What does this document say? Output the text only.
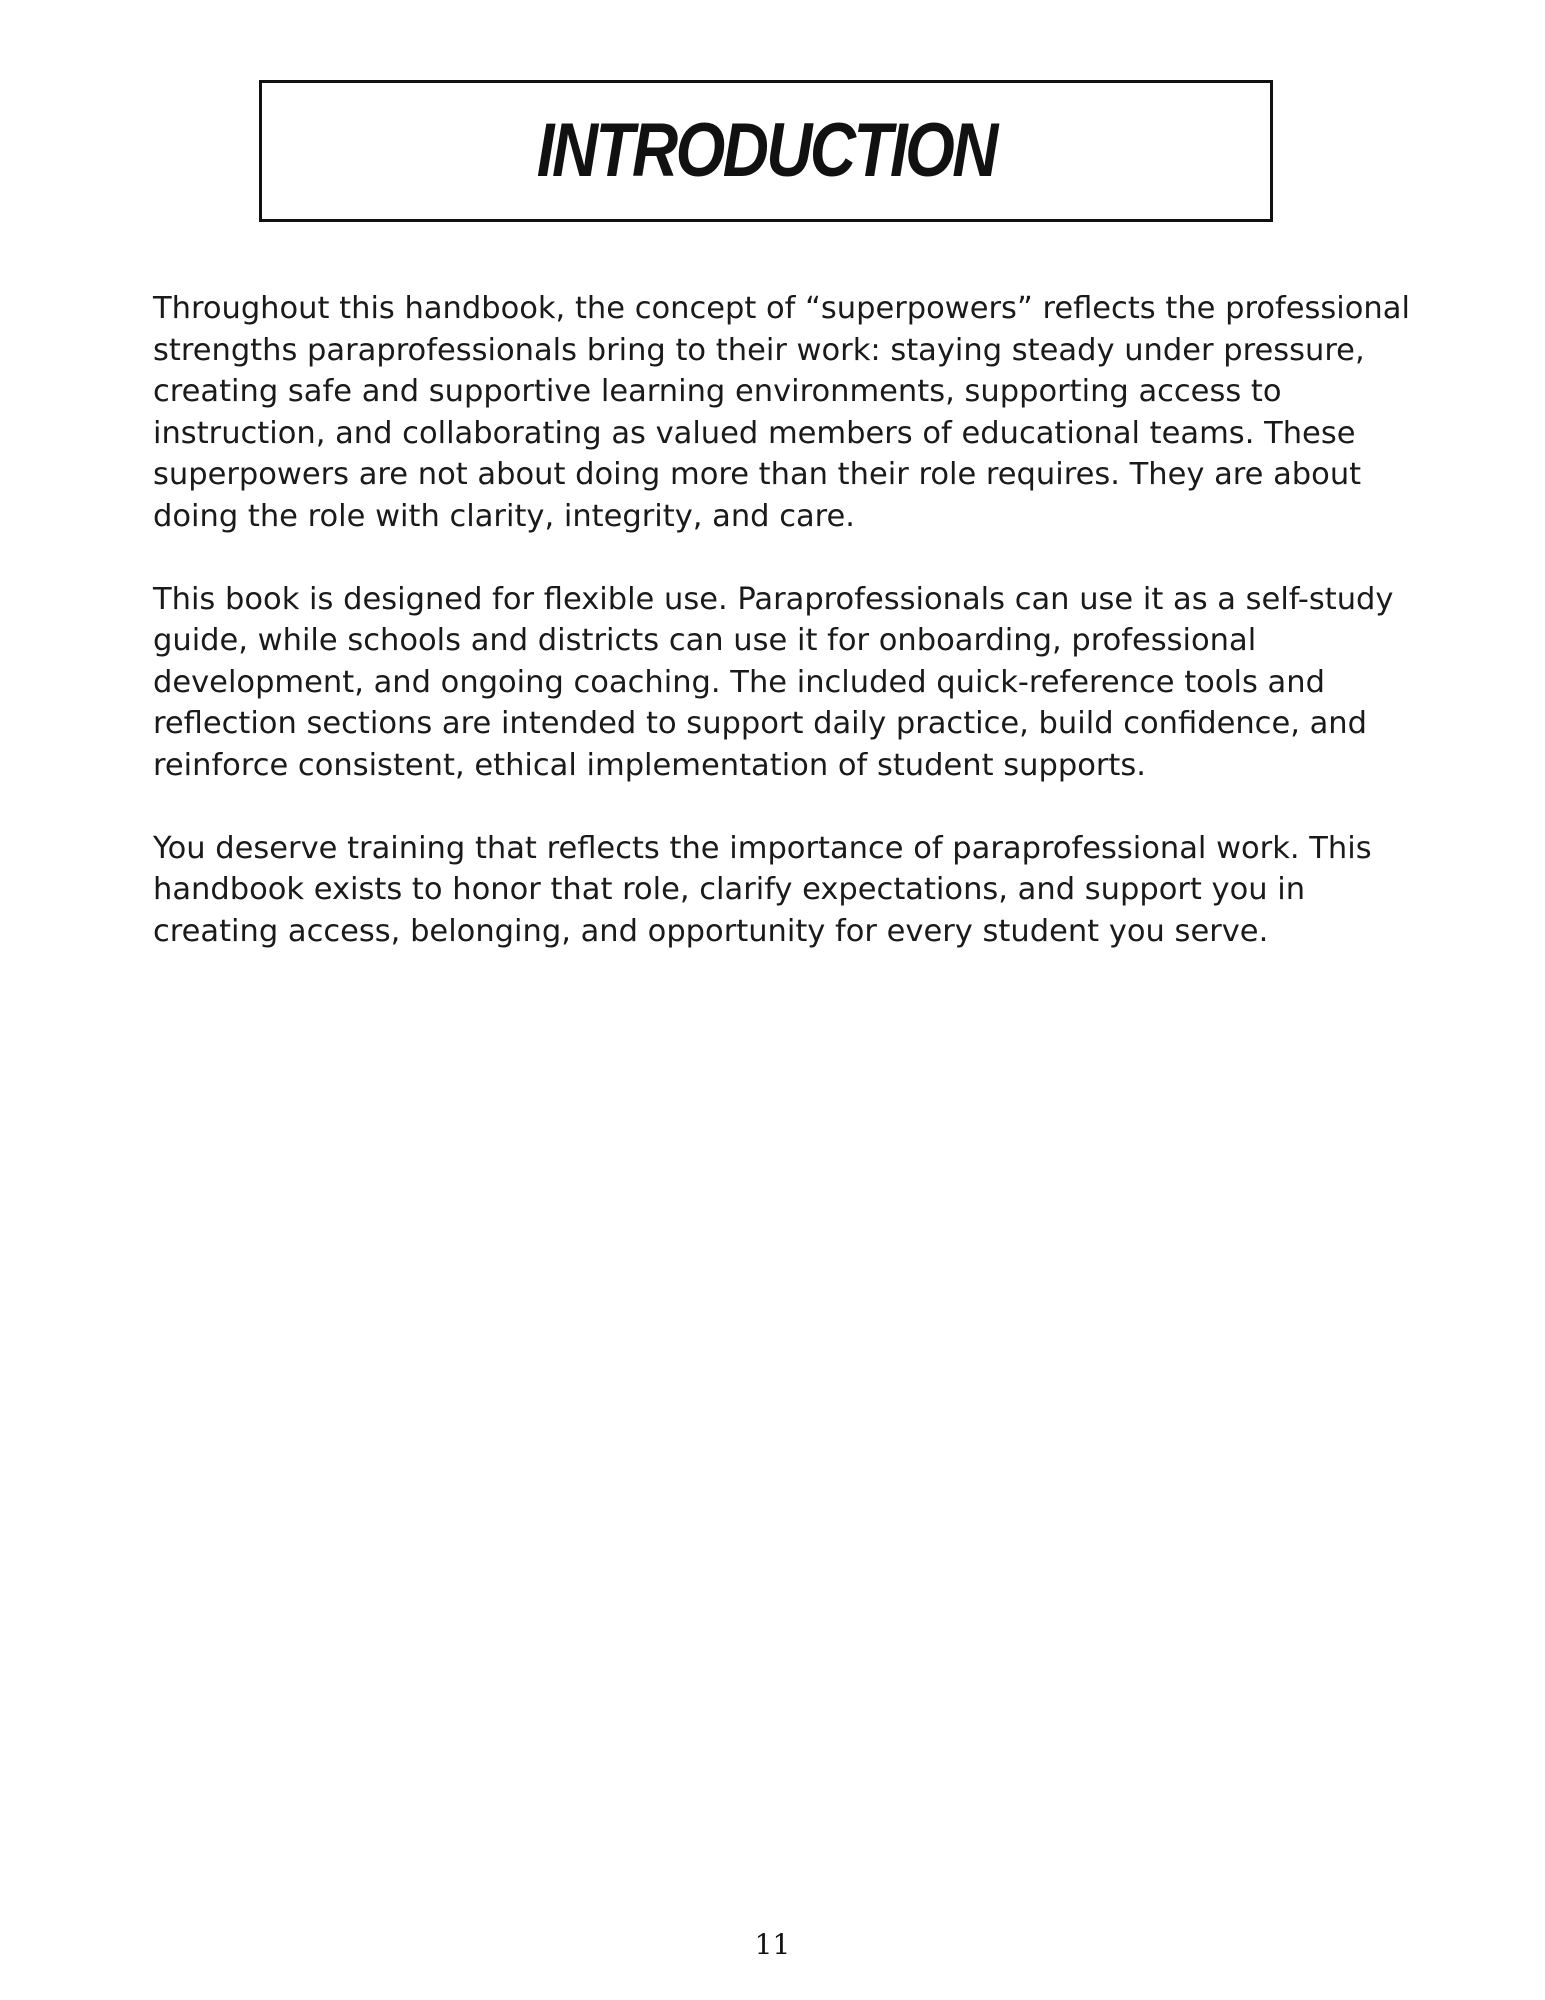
INTRODUCTION

Throughout this handbook, the concept of “superpowers” reflects the professional
strengths paraprofessionals bring to their work: staying steady under pressure,
creating safe and supportive learning environments, supporting access to
instruction, and collaborating as valued members of educational teams. These
superpowers are not about doing more than their role requires. They are about
doing the role with clarity, integrity, and care.

This book is designed for flexible use. Paraprofessionals can use it as a self-study
guide, while schools and districts can use it for onboarding, professional
development, and ongoing coaching. The included quick-reference tools and
reflection sections are intended to support daily practice, build confidence, and
reinforce consistent, ethical implementation of student supports.

You deserve training that reflects the importance of paraprofessional work. This
handbook exists to honor that role, clarify expectations, and support you in
creating access, belonging, and opportunity for every student you serve.

11
